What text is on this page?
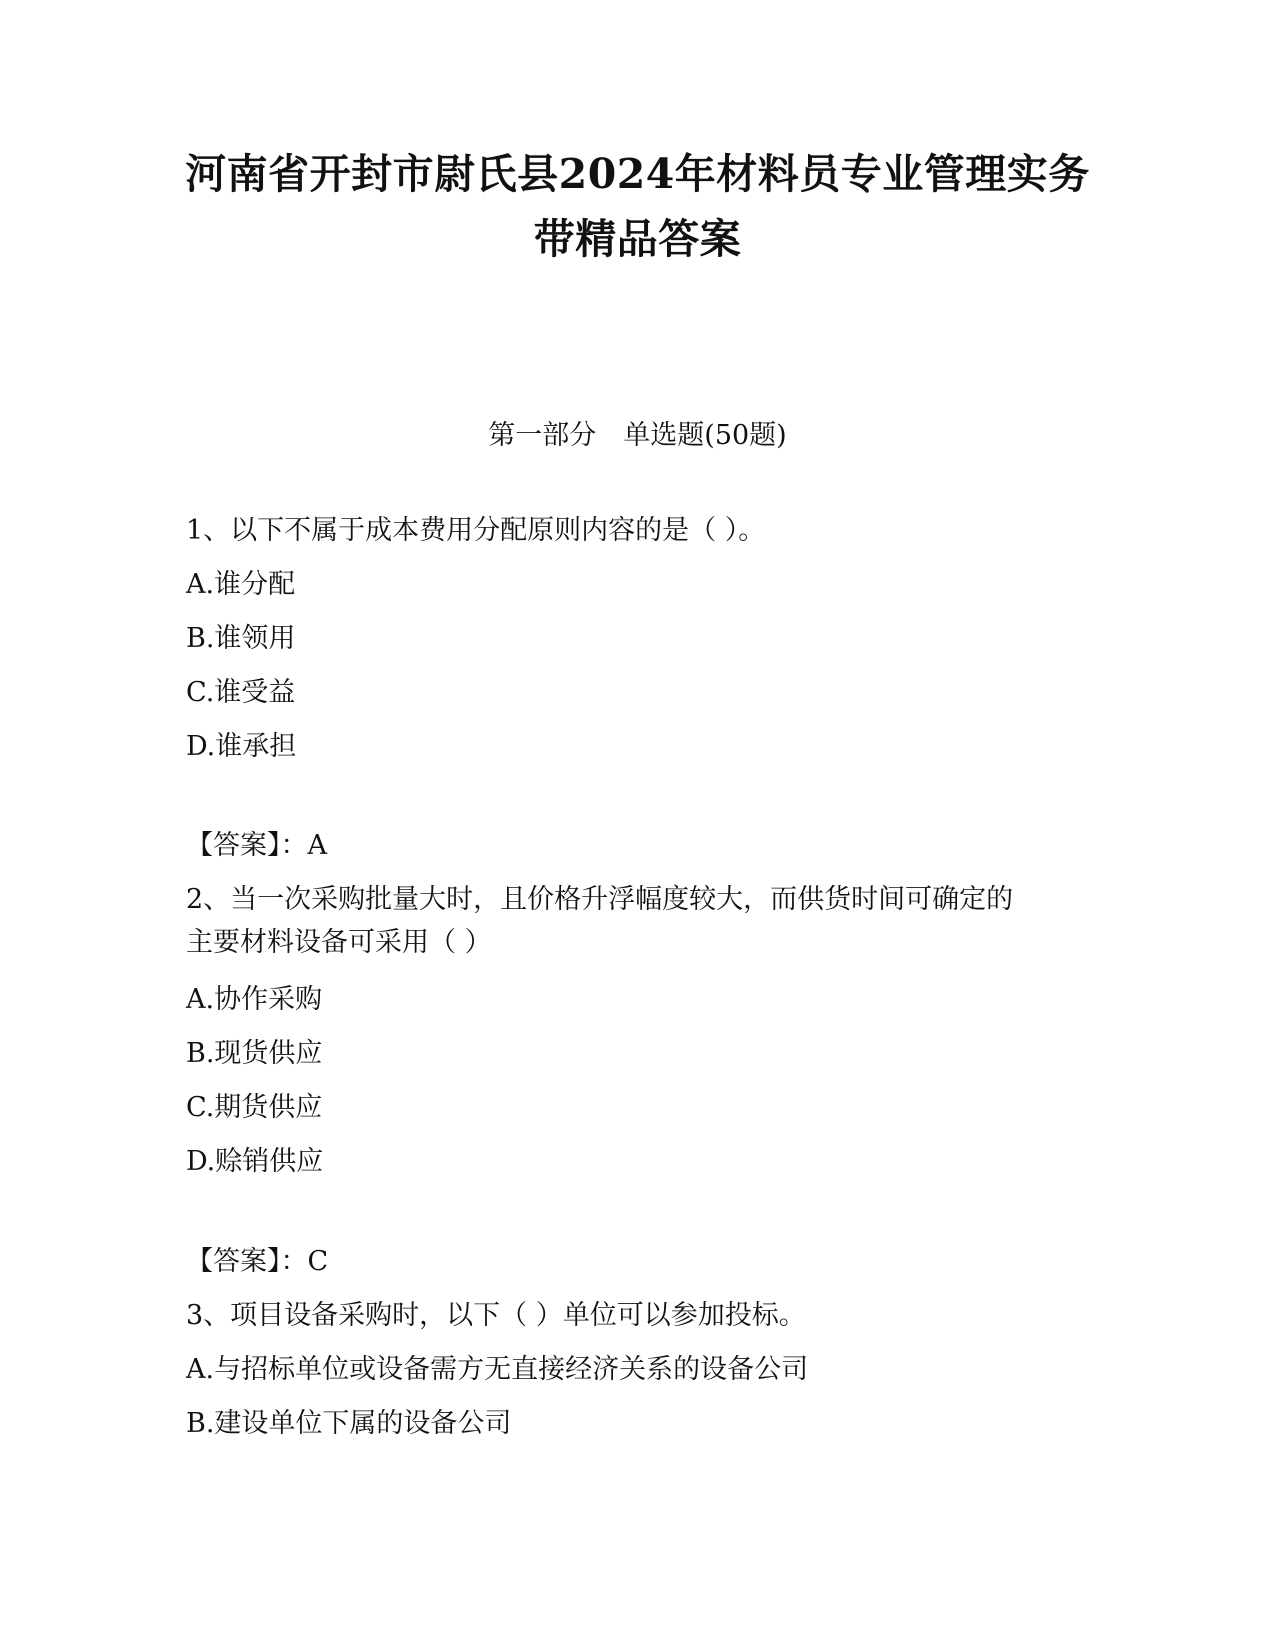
河南省开封市尉氏县2024年材料员专业管理实务
带精品答案
第一部分　单选题(50题)
1、以下不属于成本费用分配原则内容的是（ ）。
A.谁分配
B.谁领用
C.谁受益
D.谁承担
【答案】：A
2、当一次采购批量大时，且价格升浮幅度较大，而供货时间可确定的
主要材料设备可采用（ ）
A.协作采购
B.现货供应
C.期货供应
D.赊销供应
【答案】：C
3、项目设备采购时，以下（ ）单位可以参加投标。
A.与招标单位或设备需方无直接经济关系的设备公司
B.建设单位下属的设备公司
